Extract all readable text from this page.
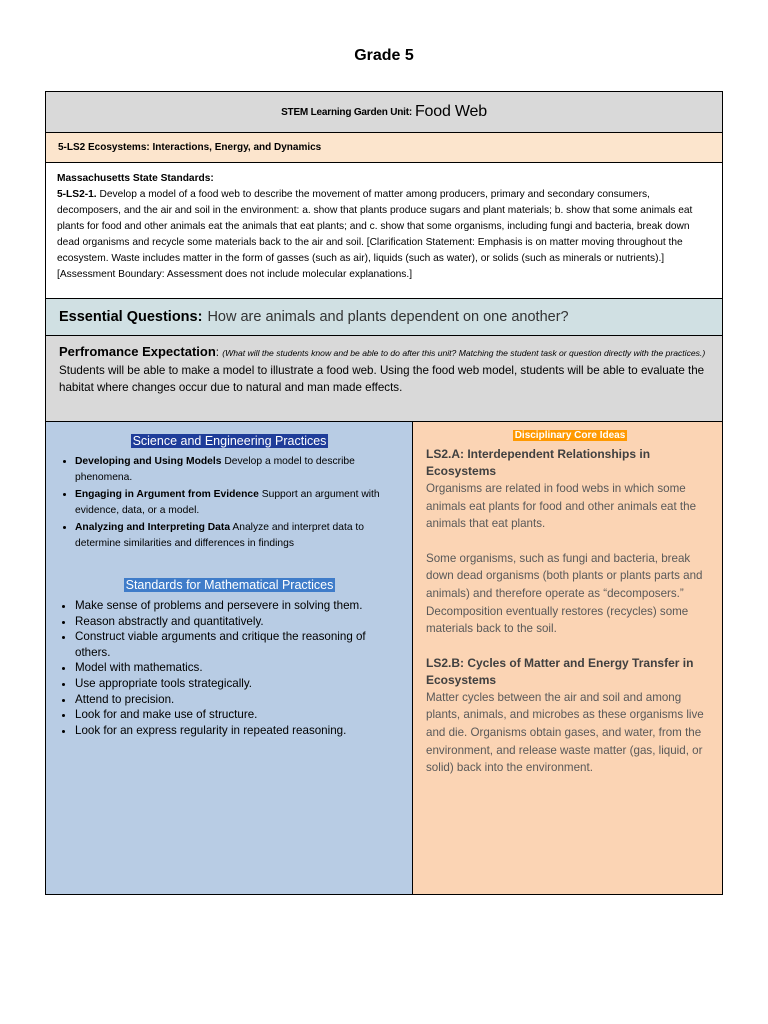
Grade 5
STEM Learning Garden Unit: Food Web
5-LS2 Ecosystems: Interactions, Energy, and Dynamics
Massachusetts State Standards:
5-LS2-1. Develop a model of a food web to describe the movement of matter among producers, primary and secondary consumers, decomposers, and the air and soil in the environment: a. show that plants produce sugars and plant materials; b. show that some animals eat plants for food and other animals eat the animals that eat plants; and c. show that some organisms, including fungi and bacteria, break down dead organisms and recycle some materials back to the air and soil. [Clarification Statement: Emphasis is on matter moving throughout the ecosystem. Waste includes matter in the form of gasses (such as air), liquids (such as water), or solids (such as minerals or nutrients).] [Assessment Boundary: Assessment does not include molecular explanations.]
Essential Questions: How are animals and plants dependent on one another?
Perfromance Expectation: (What will the students know and be able to do after this unit? Matching the student task or question directly with the practices.) Students will be able to make a model to illustrate a food web. Using the food web model, students will be able to evaluate the habitat where changes occur due to natural and man made effects.
Science and Engineering Practices
• Developing and Using Models Develop a model to describe phenomena.
• Engaging in Argument from Evidence Support an argument with evidence, data, or a model.
• Analyzing and Interpreting Data Analyze and interpret data to determine similarities and differences in findings
Standards for Mathematical Practices
• Make sense of problems and persevere in solving them.
• Reason abstractly and quantitatively.
• Construct viable arguments and critique the reasoning of others.
• Model with mathematics.
• Use appropriate tools strategically.
• Attend to precision.
• Look for and make use of structure.
• Look for an express regularity in repeated reasoning.
Disciplinary Core Ideas
LS2.A: Interdependent Relationships in Ecosystems
Organisms are related in food webs in which some animals eat plants for food and other animals eat the animals that eat plants.
Some organisms, such as fungi and bacteria, break down dead organisms (both plants or plants parts and animals) and therefore operate as “decomposers.” Decomposition eventually restores (recycles) some materials back to the soil.
LS2.B: Cycles of Matter and Energy Transfer in Ecosystems
Matter cycles between the air and soil and among plants, animals, and microbes as these organisms live and die. Organisms obtain gases, and water, from the environment, and release waste matter (gas, liquid, or solid) back into the environment.
